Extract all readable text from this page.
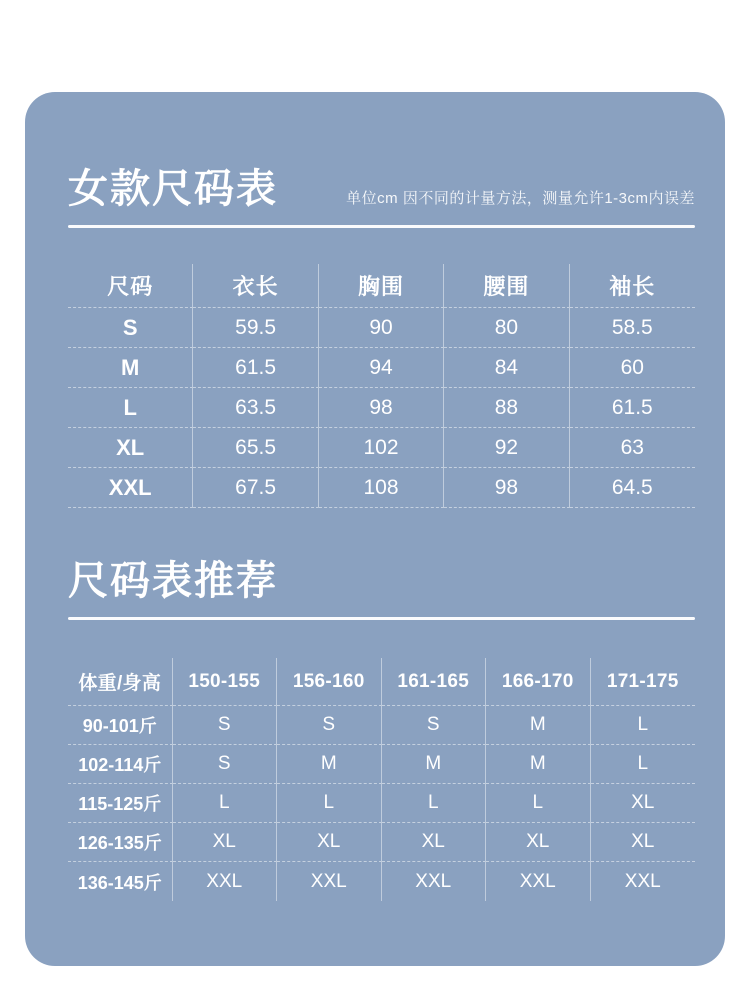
女款尺码表	单位cm 因不同的计量方法，测量允许1-3cm内误差
尺码	衣长	胸围	腰围	袖长
S	59.5	90	80	58.5
M	61.5	94	84	60
L	63.5	98	88	61.5
XL	65.5	102	92	63
XXL	67.5	108	98	64.5
尺码表推荐
体重/身高	150-155	156-160	161-165	166-170	171-175
90-101斤	S	S	S	M	L
102-114斤	S	M	M	M	L
115-125斤	L	L	L	L	XL
126-135斤	XL	XL	XL	XL	XL
136-145斤	XXL	XXL	XXL	XXL	XXL
